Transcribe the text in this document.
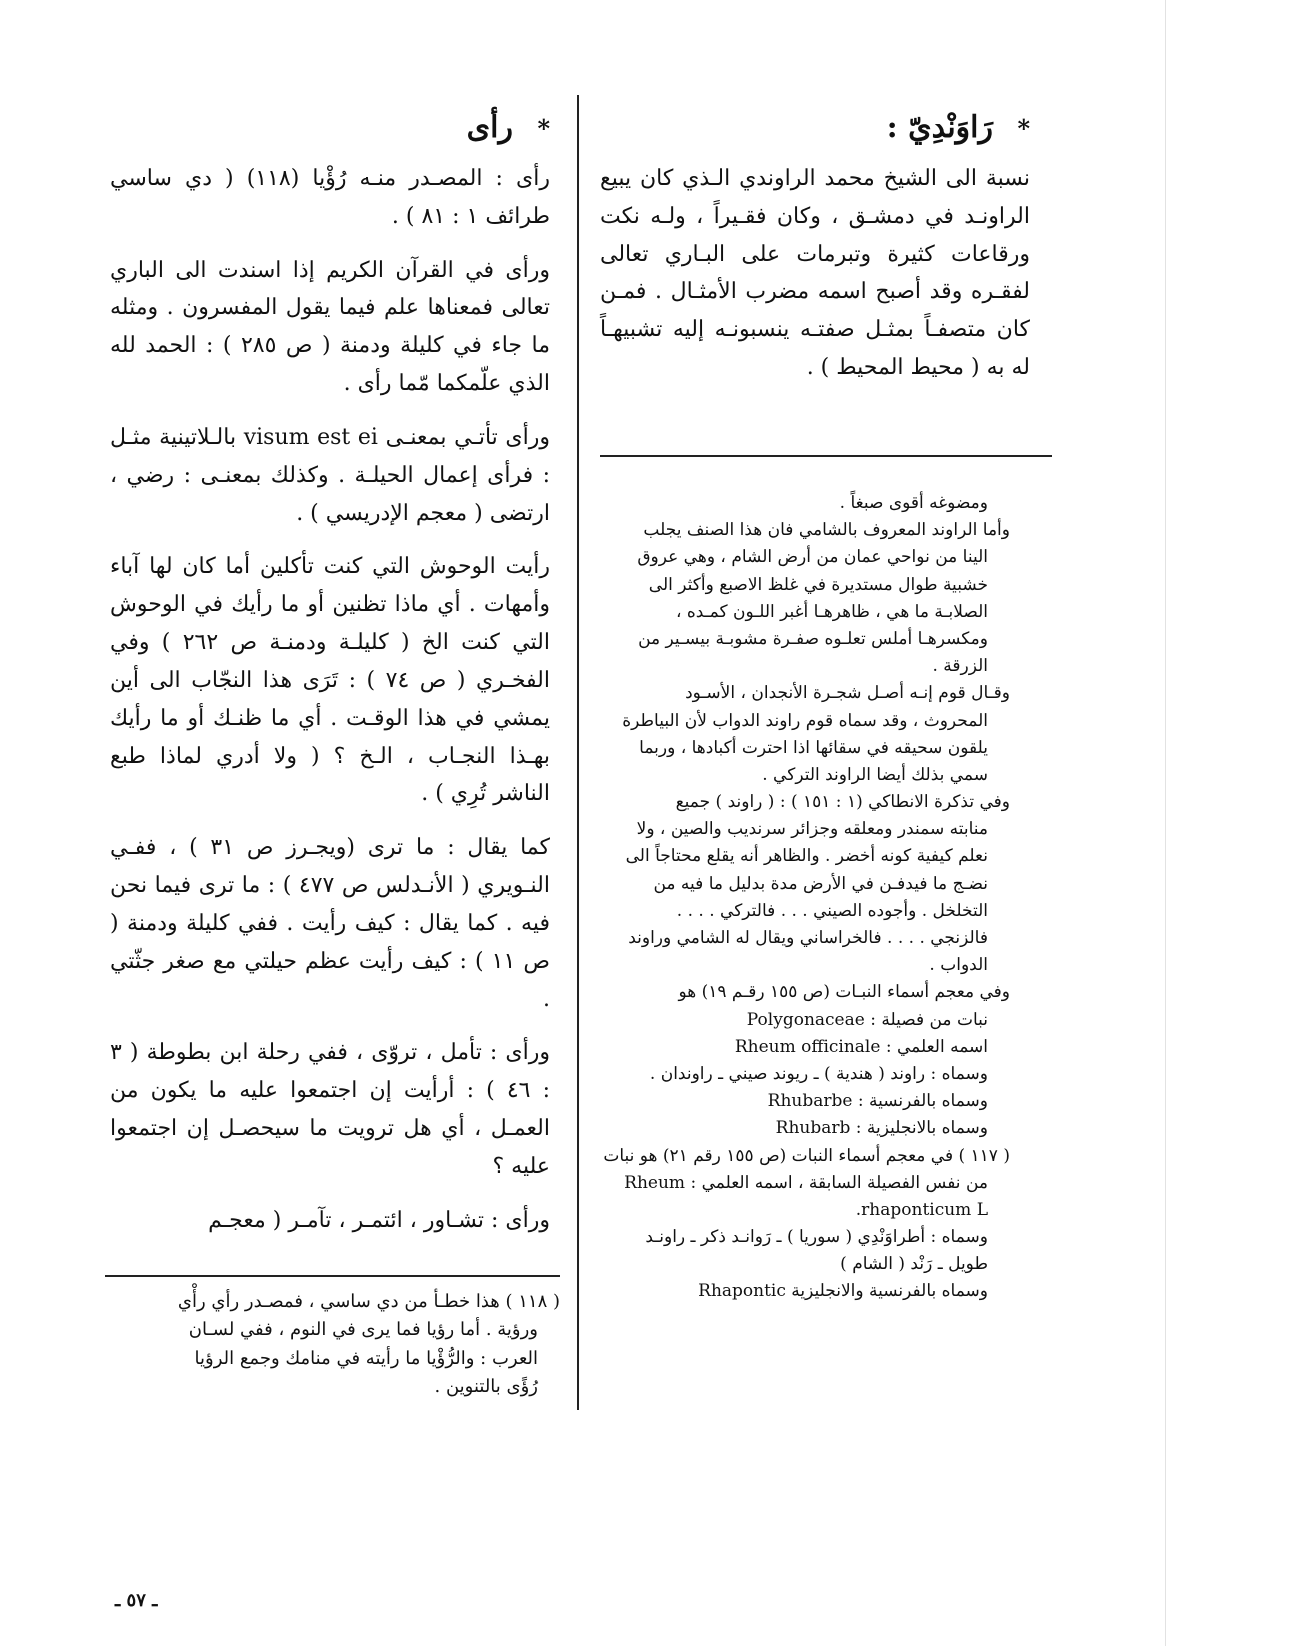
* رَاوَنْدِيّ :

نسبة الى الشيخ محمد الراوندي الـذي كان يبيع الراونـد في دمشـق ، وكان فقـيراً ، ولـه نكت ورقاعات كثيرة وتبرمات على البـاري تعالى لفقـره وقد أصبح اسمه مضرب الأمثـال . فمـن كان متصفـاً بمثـل صفتـه ينسبونـه إليه تشبيهـاً له به ( محيط المحيط ) .

ومضوغه أقوى صبغاً .

وأما الراوند المعروف بالشامي فان هذا الصنف يجلب

الينا من نواحي عمان من أرض الشام ، وهي عروق

خشبية طوال مستديرة في غلظ الاصبع وأكثر الى

الصلابـة ما هي ، ظاهرهـا أغبر اللـون كمـده ،

ومكسرهـا أملس تعلـوه صفـرة مشوبـة بيسـير من

الزرقة .

وقـال قوم إنـه أصـل شجـرة الأنجدان ، الأسـود

المحروث ، وقد سماه قوم راوند الدواب لأن البياطرة

يلقون سحيقه في سقائها اذا احترت أكبادها ، وربما

سمي بذلك أيضا الراوند التركي .

وفي تذكرة الانطاكي (١ : ١٥١ ) : ( راوند ) جميع

منابته سمندر ومعلقه وجزائر سرنديب والصين ، ولا

نعلم كيفية كونه أخضر . والظاهر أنه يقلع محتاجاً الى

نضـج ما فيدفـن في الأرض مدة بدليل ما فيه من

التخلخل . وأجوده الصيني . . . فالتركي . . . .

فالزنجي . . . . فالخراساني ويقال له الشامي وراوند

الدواب .

وفي معجم أسماء النبـات (ص ١٥٥ رقـم ١٩) هو

نبات من فصيلة : Polygonaceae

اسمه العلمي : Rheum officinale

وسماه : راوند ( هندية ) ـ ريوند صيني ـ راوندان .

وسماه بالفرنسية : Rhubarbe

وسماه بالانجليزية : Rhubarb

( ١١٧ ) في معجم أسماء النبات (ص ١٥٥ رقم ٢١) هو نبات

من نفس الفصيلة السابقة ، اسمه العلمي : Rheum

rhaponticum L.

وسماه : أطراوَنْدِي ( سوريا ) ـ رَوانـد ذكر ـ راونـد

طويل ـ رَنْد ( الشام )

وسماه بالفرنسية والانجليزية Rhapontic

* رأى

رأى : المصـدر منـه رُؤْيا (١١٨) ( دي ساسي طرائف ١ : ٨١ ) .

ورأى في القرآن الكريم إذا اسندت الى الباري تعالى فمعناها علم فيما يقول المفسرون . ومثله ما جاء في كليلة ودمنة ( ص ٢٨٥ ) : الحمد لله الذي علّمكما مّما رأى .

ورأى تأتـي بمعنـى visum est ei بالـلاتينية مثـل : فرأى إعمال الحيلـة . وكذلك بمعنـى : رضي ، ارتضى ( معجم الإدريسي ) .

رأيت الوحوش التي كنت تأكلين أما كان لها آباء وأمهات . أي ماذا تظنين أو ما رأيك في الوحوش التي كنت الخ ( كليلـة ودمنـة ص ٢٦٢ ) وفي الفخـري ( ص ٧٤ ) : تَرَى هذا النجّاب الى أين يمشي في هذا الوقـت . أي ما ظنـك أو ما رأيك بهـذا النجـاب ، الـخ ؟ ( ولا أدري لماذا طبع الناشر تُرِي ) .

كما يقال : ما ترى (ويجـرز ص ٣١ ) ، ففـي النـويري ( الأنـدلس ص ٤٧٧ ) : ما ترى فيما نحن فيه . كما يقال : كيف رأيت . ففي كليلة ودمنة ( ص ١١ ) : كيف رأيت عظم حيلتي مع صغر جثّتي .

ورأى : تأمل ، تروّى ، ففي رحلة ابن بطوطة ( ٣ : ٤٦ ) : أرأيت إن اجتمعوا عليه ما يكون من العمـل ، أي هل ترويت ما سيحصـل إن اجتمعوا عليه ؟

ورأى : تشـاور ، ائتمـر ، تآمـر ( معجـم

( ١١٨ ) هذا خطـأ من دي ساسي ، فمصـدر رأي رأْي

ورؤية . أما رؤيا فما يرى في النوم ، ففي لسـان

العرب : والرُّؤْيا ما رأيته في منامك وجمع الرؤيا

رُؤًى بالتنوين .

ـ ٥٧ ـ
